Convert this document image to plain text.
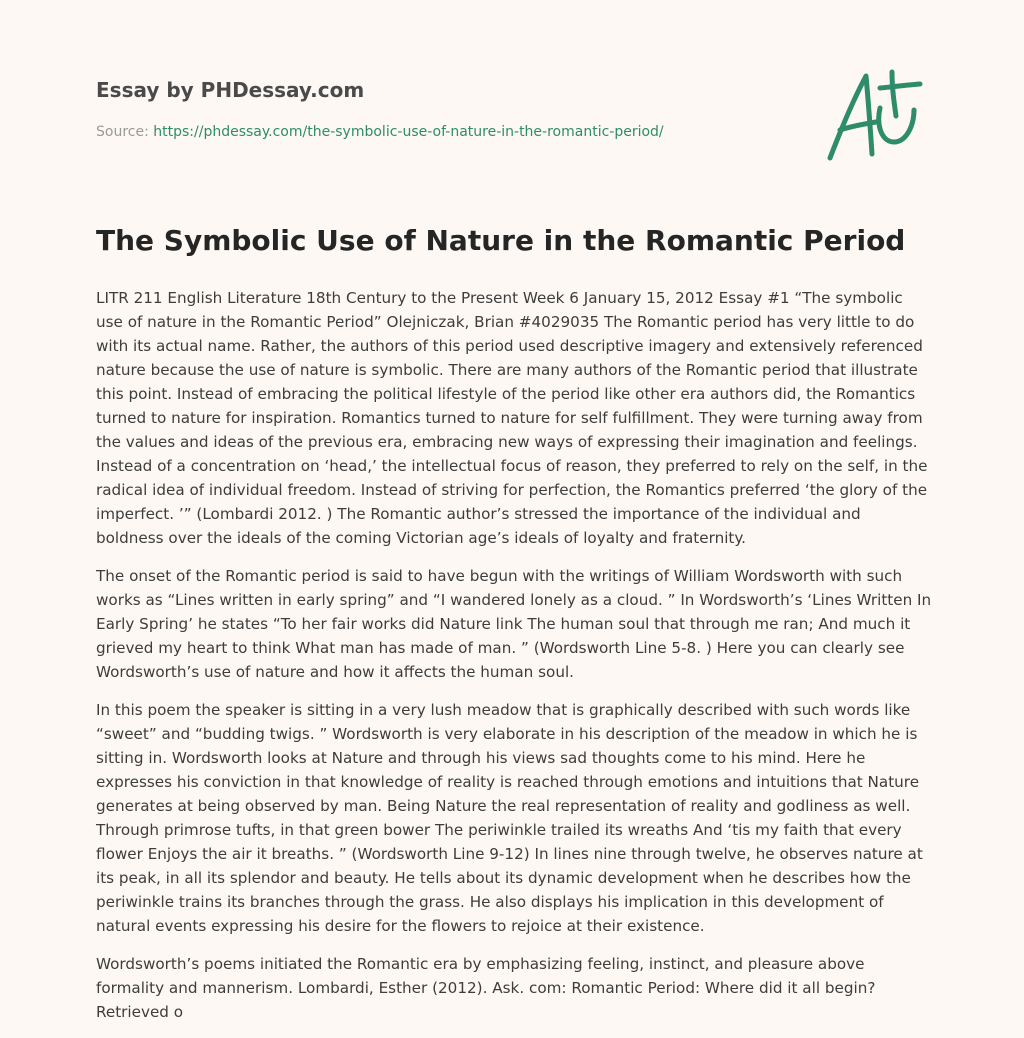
Essay by PHDessay.com
Source: https://phdessay.com/the-symbolic-use-of-nature-in-the-romantic-period/
The Symbolic Use of Nature in the Romantic Period

LITR 211 English Literature 18th Century to the Present Week 6 January 15, 2012 Essay #1 “The symbolic use of nature in the Romantic Period” Olejniczak, Brian #4029035 The Romantic period has very little to do with its actual name. Rather, the authors of this period used descriptive imagery and extensively referenced nature because the use of nature is symbolic. There are many authors of the Romantic period that illustrate this point. Instead of embracing the political lifestyle of the period like other era authors did, the Romantics turned to nature for inspiration. Romantics turned to nature for self fulfillment. They were turning away from the values and ideas of the previous era, embracing new ways of expressing their imagination and feelings. Instead of a concentration on ‘head,’ the intellectual focus of reason, they preferred to rely on the self, in the radical idea of individual freedom. Instead of striving for perfection, the Romantics preferred ‘the glory of the imperfect. ’” (Lombardi 2012. ) The Romantic author’s stressed the importance of the individual and boldness over the ideals of the coming Victorian age’s ideals of loyalty and fraternity.

The onset of the Romantic period is said to have begun with the writings of William Wordsworth with such works as “Lines written in early spring” and “I wandered lonely as a cloud. ” In Wordsworth’s ‘Lines Written In Early Spring’ he states “To her fair works did Nature link The human soul that through me ran; And much it grieved my heart to think What man has made of man. ” (Wordsworth Line 5-8. ) Here you can clearly see Wordsworth’s use of nature and how it affects the human soul.

In this poem the speaker is sitting in a very lush meadow that is graphically described with such words like “sweet” and “budding twigs. ” Wordsworth is very elaborate in his description of the meadow in which he is sitting in. Wordsworth looks at Nature and through his views sad thoughts come to his mind. Here he expresses his conviction in that knowledge of reality is reached through emotions and intuitions that Nature generates at being observed by man. Being Nature the real representation of reality and godliness as well. Through primrose tufts, in that green bower The periwinkle trailed its wreaths And ‘tis my faith that every flower Enjoys the air it breaths. ” (Wordsworth Line 9-12) In lines nine through twelve, he observes nature at its peak, in all its splendor and beauty. He tells about its dynamic development when he describes how the periwinkle trains its branches through the grass. He also displays his implication in this development of natural events expressing his desire for the flowers to rejoice at their existence.

Wordsworth’s poems initiated the Romantic era by emphasizing feeling, instinct, and pleasure above formality and mannerism. Lombardi, Esther (2012). Ask. com: Romantic Period: Where did it all begin? Retrieved o
